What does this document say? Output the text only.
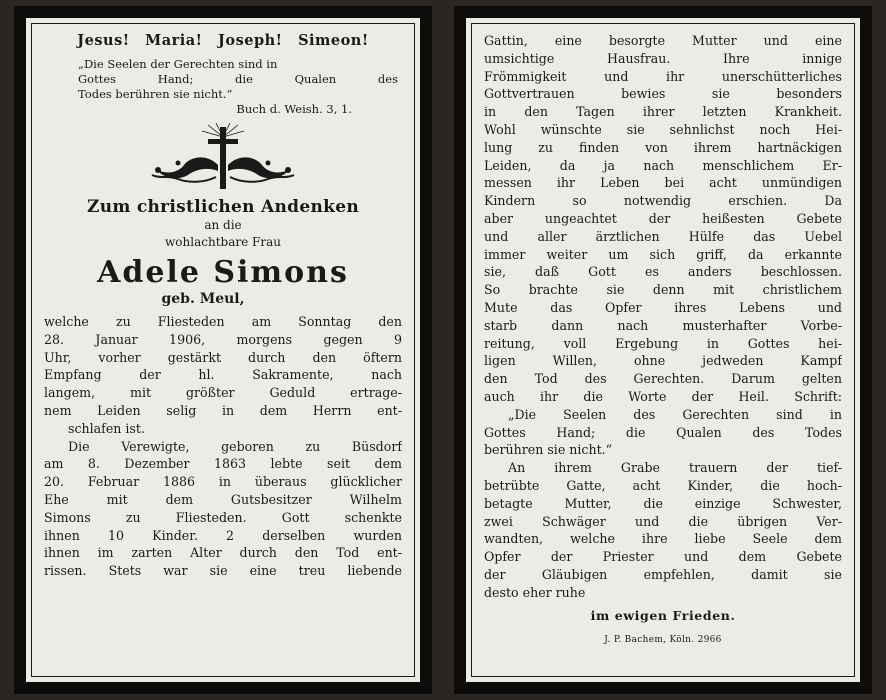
Jesus! Maria! Joseph! Simeon!
„Die Seelen der Gerechten sind in
Gottes Hand; die Qualen des
Todes berühren sie nicht.“
Buch d. Weish. 3, 1.
Zum christlichen Andenken
an die
wohlachtbare Frau
Adele Simons
geb. Meul,
welche zu Fliesteden am Sonntag den
28. Januar 1906, morgens gegen 9
Uhr, vorher gestärkt durch den öftern
Empfang der hl. Sakramente, nach
langem, mit größter Geduld ertrage-
nem Leiden selig in dem Herrn ent-
schlafen ist.
Die Verewigte, geboren zu Büsdorf
am 8. Dezember 1863 lebte seit dem
20. Februar 1886 in überaus glücklicher
Ehe mit dem Gutsbesitzer Wilhelm
Simons zu Fliesteden. Gott schenkte
ihnen 10 Kinder. 2 derselben wurden
ihnen im zarten Alter durch den Tod ent-
rissen. Stets war sie eine treu liebende
Gattin, eine besorgte Mutter und eine
umsichtige Hausfrau. Ihre innige
Frömmigkeit und ihr unerschütterliches
Gottvertrauen bewies sie besonders
in den Tagen ihrer letzten Krankheit.
Wohl wünschte sie sehnlichst noch Hei-
lung zu finden von ihrem hartnäckigen
Leiden, da ja nach menschlichem Er-
messen ihr Leben bei acht unmündigen
Kindern so notwendig erschien. Da
aber ungeachtet der heißesten Gebete
und aller ärztlichen Hülfe das Uebel
immer weiter um sich griff, da erkannte
sie, daß Gott es anders beschlossen.
So brachte sie denn mit christlichem
Mute das Opfer ihres Lebens und
starb dann nach musterhafter Vorbe-
reitung, voll Ergebung in Gottes hei-
ligen Willen, ohne jedweden Kampf
den Tod des Gerechten. Darum gelten
auch ihr die Worte der Heil. Schrift:
„Die Seelen des Gerechten sind in
Gottes Hand; die Qualen des Todes
berühren sie nicht.“
An ihrem Grabe trauern der tief-
betrübte Gatte, acht Kinder, die hoch-
betagte Mutter, die einzige Schwester,
zwei Schwäger und die übrigen Ver-
wandten, welche ihre liebe Seele dem
Opfer der Priester und dem Gebete
der Gläubigen empfehlen, damit sie
desto eher ruhe
im ewigen Frieden.
J. P. Bachem, Köln. 2966
